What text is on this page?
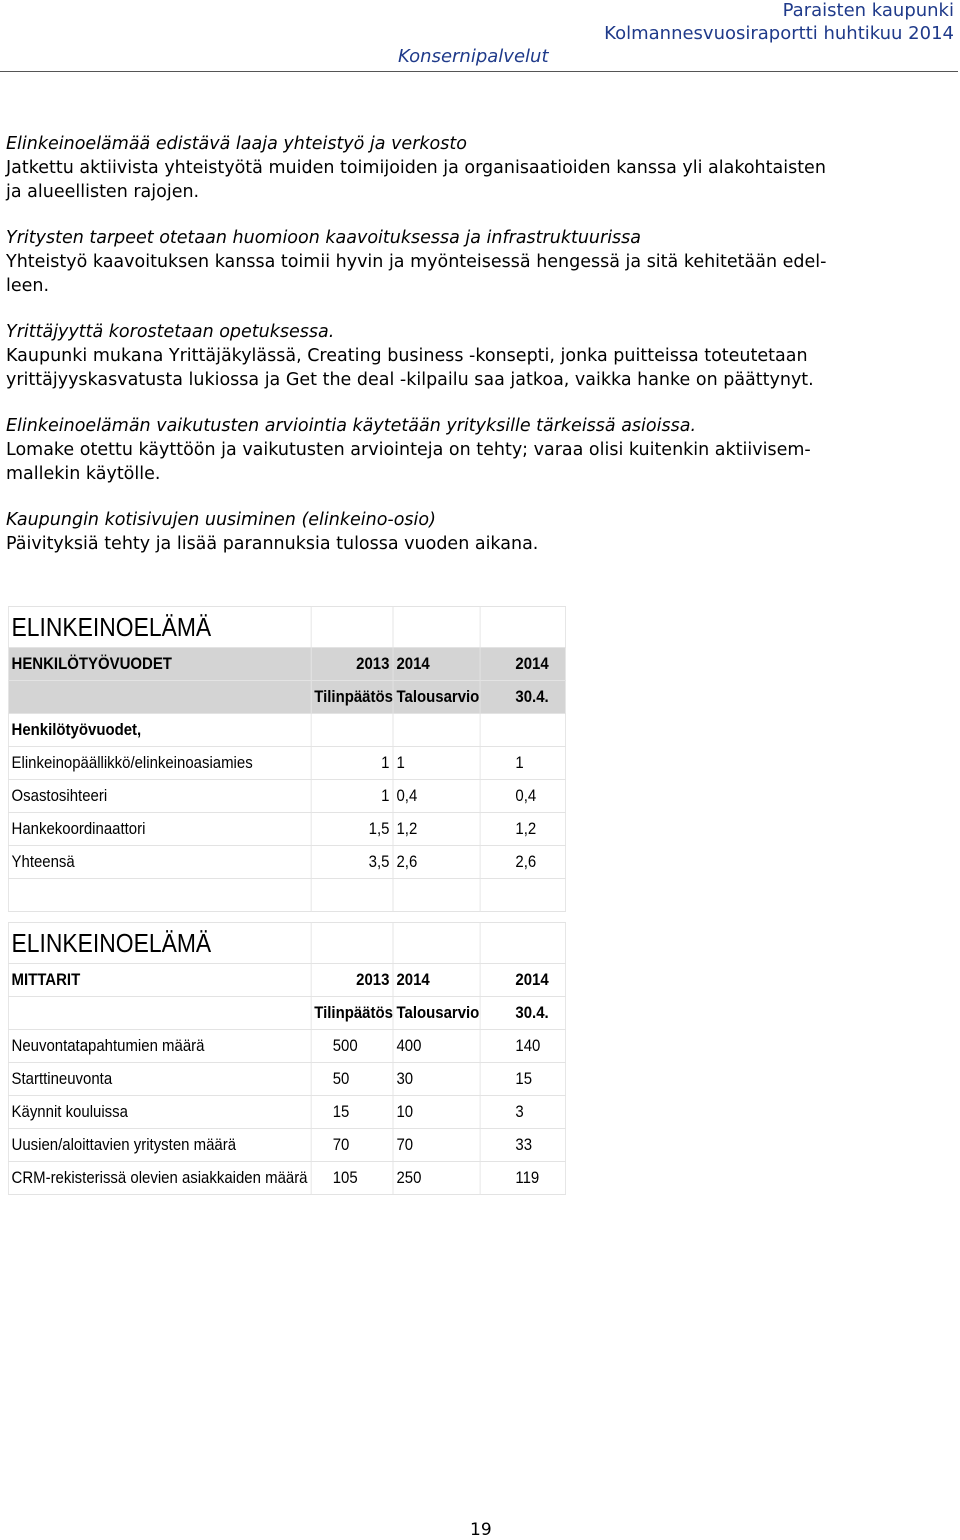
Paraisten kaupunki
Kolmannesvuosiraportti huhtikuu 2014
Konsernipalvelut

Elinkeinoelämää edistävä laaja yhteistyö ja verkosto

Jatkettu aktiivista yhteistyötä muiden toimijoiden ja organisaatioiden kanssa yli alakohtaisten

ja alueellisten rajojen.

Yritysten tarpeet otetaan huomioon kaavoituksessa ja infrastruktuurissa

Yhteistyö kaavoituksen kanssa toimii hyvin ja myönteisessä hengessä ja sitä kehitetään edel-

leen.

Yrittäjyyttä korostetaan opetuksessa.

Kaupunki mukana Yrittäjäkylässä, Creating business -konsepti, jonka puitteissa toteutetaan

yrittäjyyskasvatusta lukiossa ja Get the deal -kilpailu saa jatkoa, vaikka hanke on päättynyt.

Elinkeinoelämän vaikutusten arviointia käytetään yrityksille tärkeissä asioissa.

Lomake otettu käyttöön ja vaikutusten arviointeja on tehty; varaa olisi kuitenkin aktiivisem-

mallekin käytölle.

Kaupungin kotisivujen uusiminen (elinkeino-osio)

Päivityksiä tehty ja lisää parannuksia tulossa vuoden aikana.

ELINKEINOELÄMÄ			
HENKILÖTYÖVUODET	2013	2014	2014
	Tilinpäätös	Talousarvio	30.4.
Henkilötyövuodet,			
Elinkeinopäällikkö/elinkeinoasiamies	1	1	1
Osastosihteeri	1	0,4	0,4
Hankekoordinaattori	1,5	1,2	1,2
Yhteensä	3,5	2,6	2,6

ELINKEINOELÄMÄ			
MITTARIT	2013	2014	2014
	Tilinpäätös	Talousarvio	30.4.
Neuvontatapahtumien määrä	500	400	140
Starttineuvonta	50	30	15
Käynnit kouluissa	15	10	3
Uusien/aloittavien yritysten määrä	70	70	33
CRM-rekisterissä olevien asiakkaiden määrä	105	250	119
19
